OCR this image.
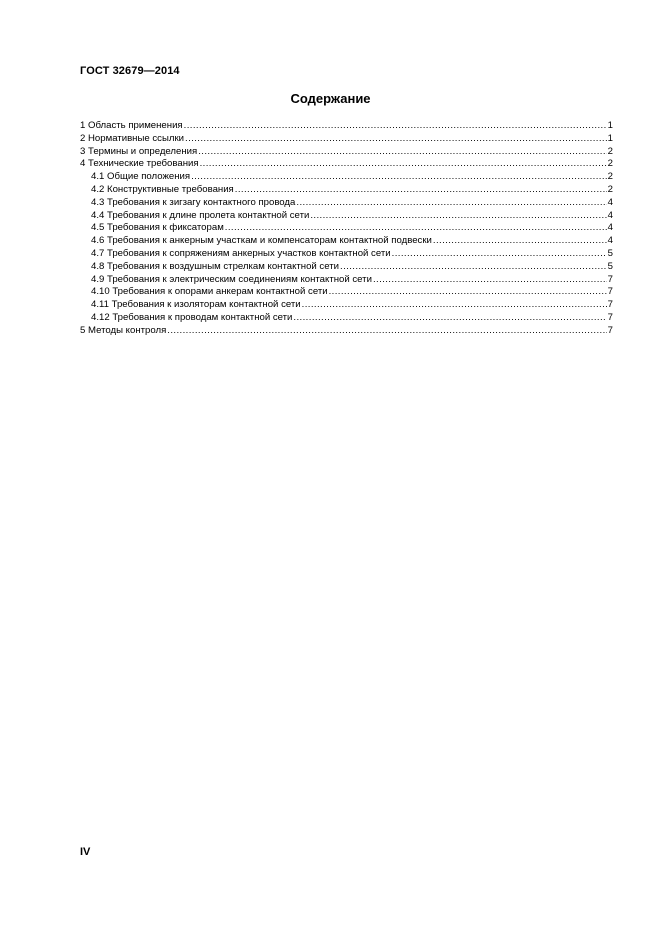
ГОСТ 32679—2014
Содержание
1 Область применения .....	1
2 Нормативные ссылки .....	1
3 Термины и определения .....	2
4 Технические требования .....	2
4.1 Общие положения .....	2
4.2 Конструктивные требования .....	2
4.3 Требования к зигзагу контактного провода .....	4
4.4 Требования к длине пролета контактной сети .....	4
4.5 Требования к фиксаторам .....	4
4.6 Требования к анкерным участкам и компенсаторам контактной подвески .....	4
4.7 Требования к сопряжениям анкерных участков контактной сети .....	5
4.8 Требования к воздушным стрелкам контактной сети .....	5
4.9 Требования к электрическим соединениям контактной сети .....	7
4.10 Требования к опорами анкерам контактной сети .....	7
4.11 Требования к изоляторам контактной сети .....	7
4.12 Требования к проводам контактной сети .....	7
5 Методы контроля .....	7
IV
